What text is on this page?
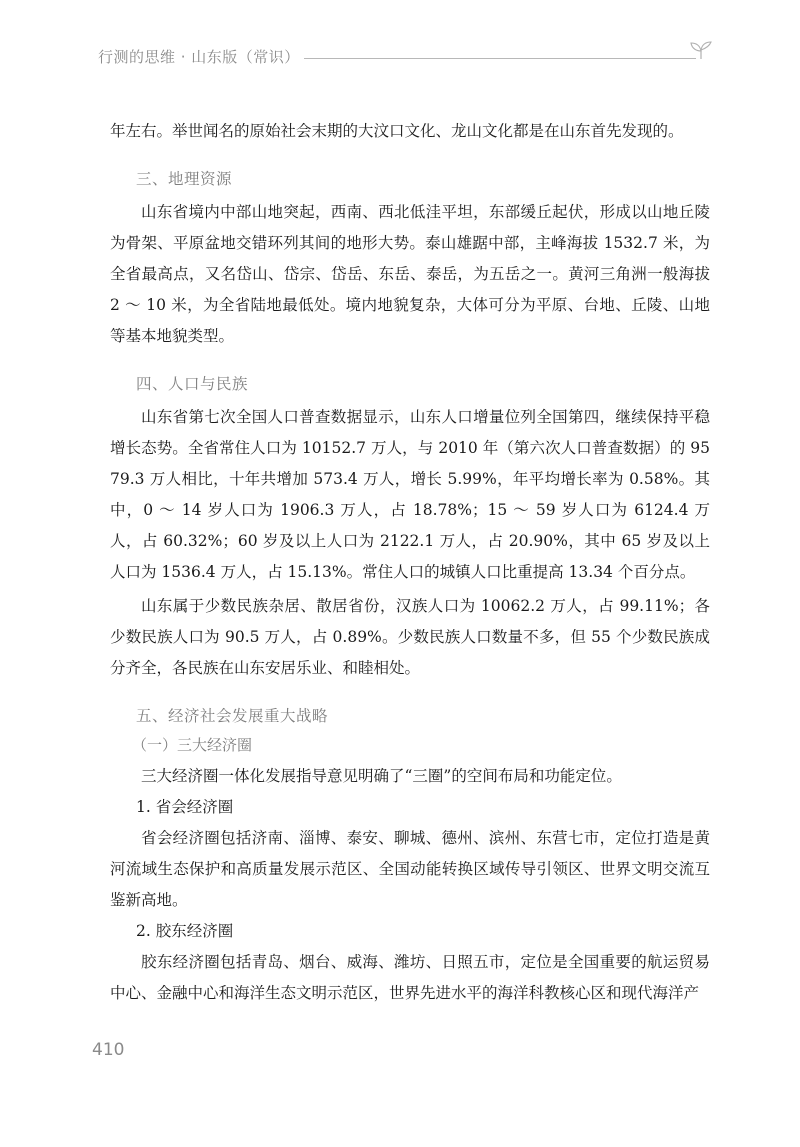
行测的思维 · 山东版（常识）

年左右。举世闻名的原始社会末期的大汶口文化、龙山文化都是在山东首先发现的。

三、地理资源

山东省境内中部山地突起，西南、西北低洼平坦，东部缓丘起伏，形成以山地丘陵为骨架、平原盆地交错环列其间的地形大势。泰山雄踞中部，主峰海拔 1532.7 米，为全省最高点，又名岱山、岱宗、岱岳、东岳、泰岳，为五岳之一。黄河三角洲一般海拔 2 ～ 10 米，为全省陆地最低处。境内地貌复杂，大体可分为平原、台地、丘陵、山地等基本地貌类型。

四、人口与民族

山东省第七次全国人口普查数据显示，山东人口增量位列全国第四，继续保持平稳增长态势。全省常住人口为 10152.7 万人，与 2010 年（第六次人口普查数据）的 9579.3 万人相比，十年共增加 573.4 万人，增长 5.99%，年平均增长率为 0.58%。其中，0 ～ 14 岁人口为 1906.3 万人，占 18.78%；15 ～ 59 岁人口为 6124.4 万人，占 60.32%；60 岁及以上人口为 2122.1 万人，占 20.90%，其中 65 岁及以上人口为 1536.4 万人，占 15.13%。常住人口的城镇人口比重提高 13.34 个百分点。

山东属于少数民族杂居、散居省份，汉族人口为 10062.2 万人，占 99.11%；各少数民族人口为 90.5 万人，占 0.89%。少数民族人口数量不多，但 55 个少数民族成分齐全，各民族在山东安居乐业、和睦相处。

五、经济社会发展重大战略
（一）三大经济圈

三大经济圈一体化发展指导意见明确了“三圈”的空间布局和功能定位。

1. 省会经济圈

省会经济圈包括济南、淄博、泰安、聊城、德州、滨州、东营七市，定位打造是黄河流域生态保护和高质量发展示范区、全国动能转换区域传导引领区、世界文明交流互鉴新高地。

2. 胶东经济圈

胶东经济圈包括青岛、烟台、威海、潍坊、日照五市，定位是全国重要的航运贸易中心、金融中心和海洋生态文明示范区，世界先进水平的海洋科教核心区和现代海洋产

410
